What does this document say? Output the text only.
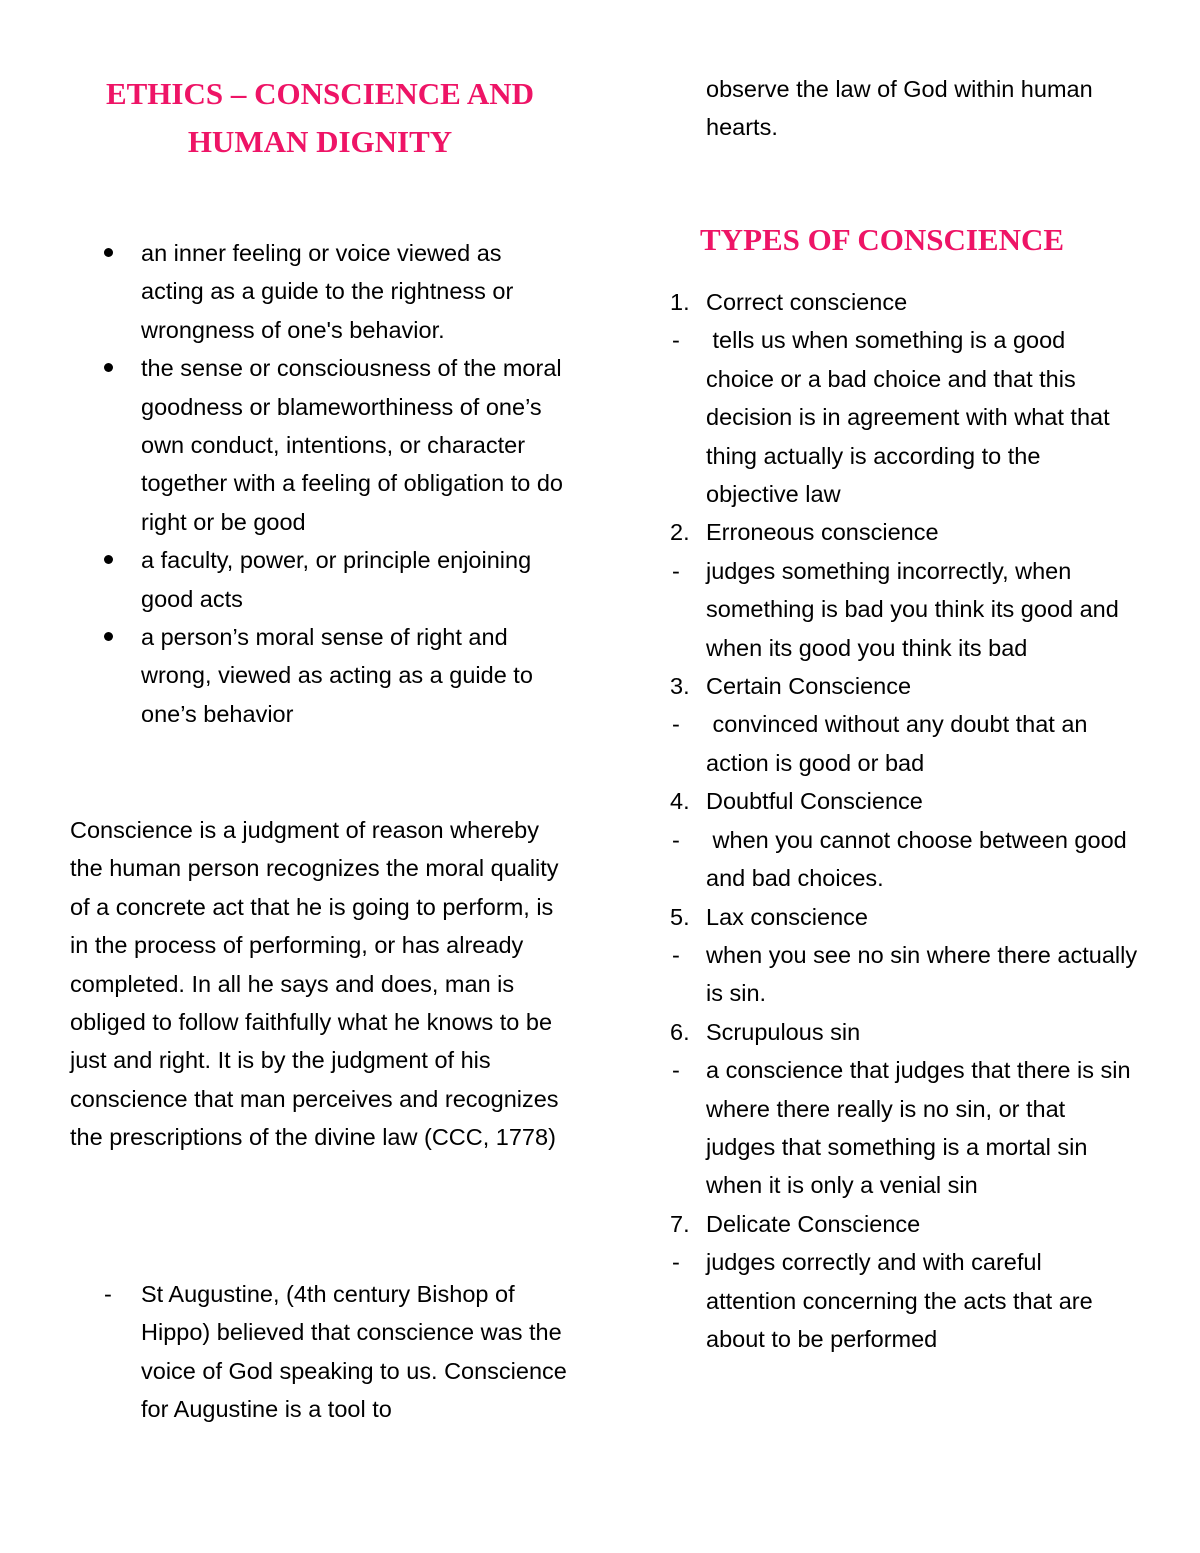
ETHICS – CONSCIENCE AND HUMAN DIGNITY
an inner feeling or voice viewed as acting as a guide to the rightness or wrongness of one's behavior.
the sense or consciousness of the moral goodness or blameworthiness of one’s own conduct, intentions, or character together with a feeling of obligation to do right or be good
a faculty, power, or principle enjoining good acts
a person’s moral sense of right and wrong, viewed as acting as a guide to one’s behavior

Conscience is a judgment of reason whereby the human person recognizes the moral quality of a concrete act that he is going to perform, is in the process of performing, or has already completed. In all he says and does, man is obliged to follow faithfully what he knows to be just and right. It is by the judgment of his conscience that man perceives and recognizes the prescriptions of the divine law (CCC, 1778)

- St Augustine, (4th century Bishop of Hippo) believed that conscience was the voice of God speaking to us. Conscience for Augustine is a tool to

observe the law of God within human hearts.

TYPES OF CONSCIENCE
1. Correct conscience
- tells us when something is a good choice or a bad choice and that this decision is in agreement with what that thing actually is according to the objective law
2. Erroneous conscience
- judges something incorrectly, when something is bad you think its good and when its good you think its bad
3. Certain Conscience
- convinced without any doubt that an action is good or bad
4. Doubtful Conscience
- when you cannot choose between good and bad choices.
5. Lax conscience
- when you see no sin where there actually is sin.
6. Scrupulous sin
- a conscience that judges that there is sin where there really is no sin, or that judges that something is a mortal sin when it is only a venial sin
7. Delicate Conscience
- judges correctly and with careful attention concerning the acts that are about to be performed
